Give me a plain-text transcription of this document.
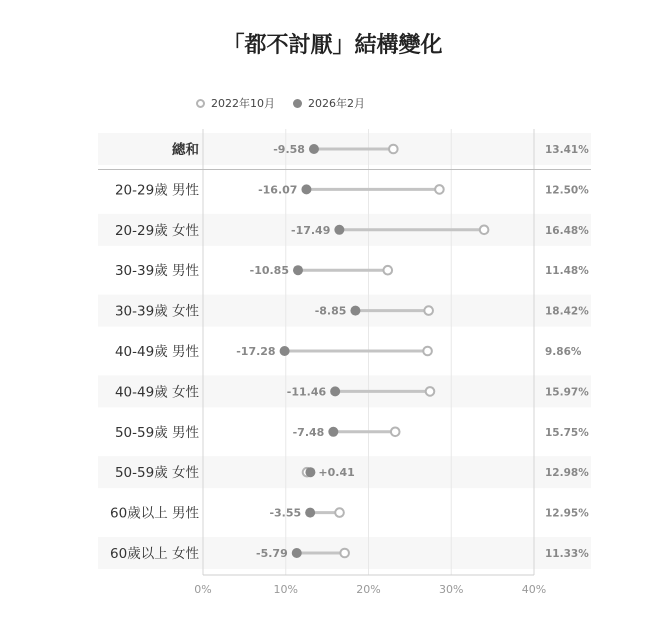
「都不討厭」結構變化
2022年10月	2026年2月
0%	10%	20%	30%	40%
總和	-9.58	13.41%
20-29歲 男性	-16.07	12.50%
20-29歲 女性	-17.49	16.48%
30-39歲 男性	-10.85	11.48%
30-39歲 女性	-8.85	18.42%
40-49歲 男性	-17.28	9.86%
40-49歲 女性	-11.46	15.97%
50-59歲 男性	-7.48	15.75%
50-59歲 女性	+0.41	12.98%
60歲以上 男性	-3.55	12.95%
60歲以上 女性	-5.79	11.33%
